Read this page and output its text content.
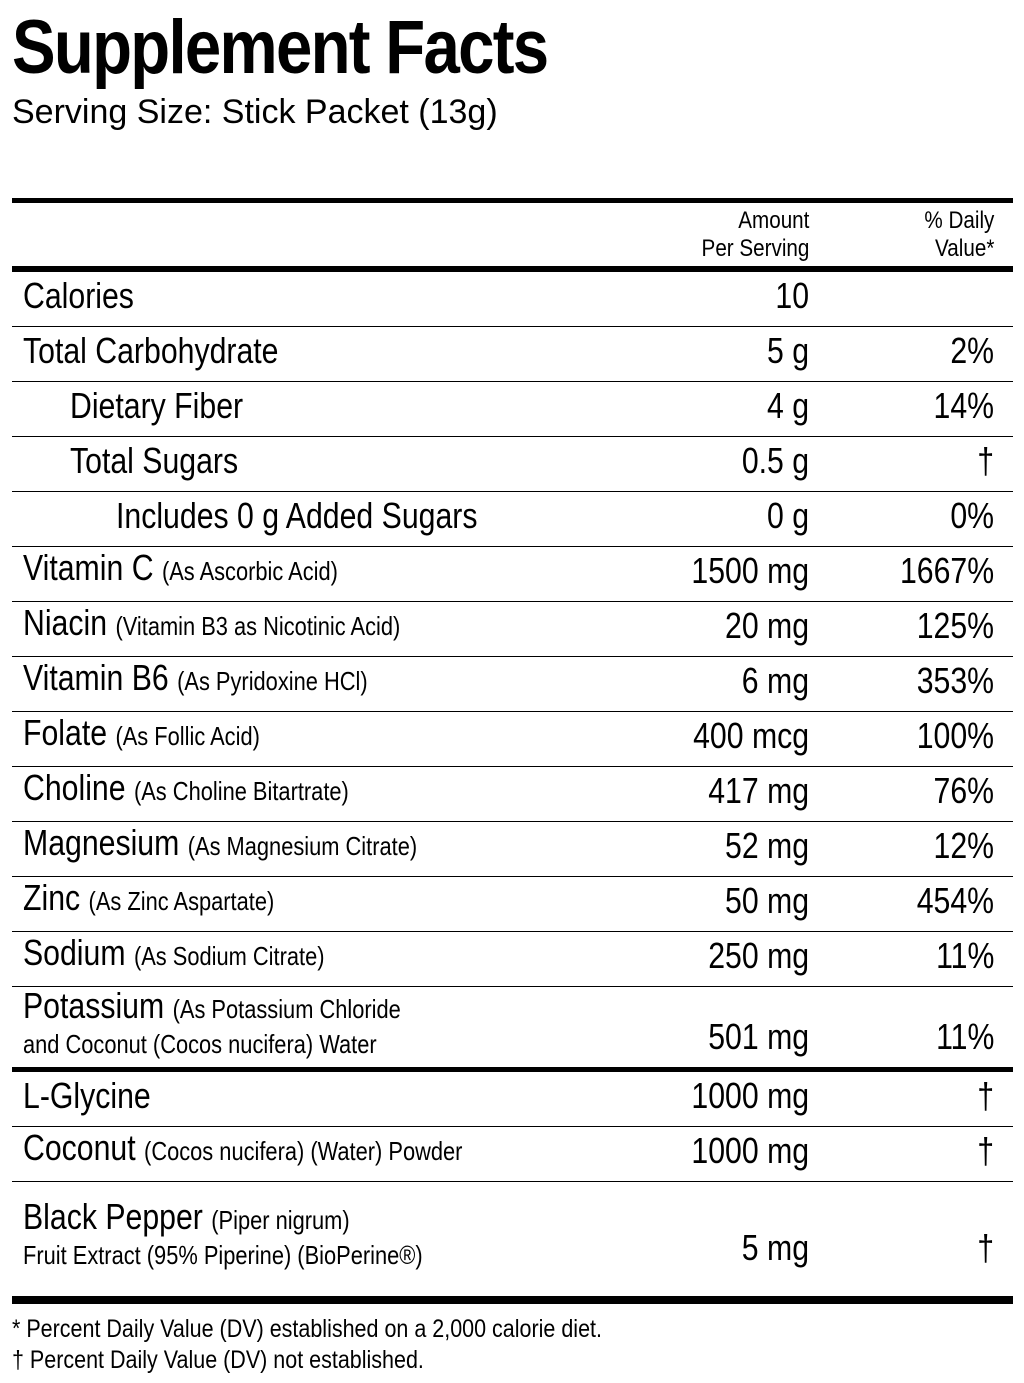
Supplement Facts
Serving Size: Stick Packet (13g)
Amount
Per Serving
% Daily
Value*
Calories	10
Total Carbohydrate	5 g	2%
Dietary Fiber	4 g	14%
Total Sugars	0.5 g	†
Includes 0 g Added Sugars	0 g	0%
Vitamin C (As Ascorbic Acid)	1500 mg	1667%
Niacin (Vitamin B3 as Nicotinic Acid)	20 mg	125%
Vitamin B6 (As Pyridoxine HCl)	6 mg	353%
Folate (As Follic Acid)	400 mcg	100%
Choline (As Choline Bitartrate)	417 mg	76%
Magnesium (As Magnesium Citrate)	52 mg	12%
Zinc (As Zinc Aspartate)	50 mg	454%
Sodium (As Sodium Citrate)	250 mg	11%
Potassium (As Potassium Chloride
and Coconut (Cocos nucifera) Water	501 mg	11%
L-Glycine	1000 mg	†
Coconut (Cocos nucifera) (Water) Powder	1000 mg	†
Black Pepper (Piper nigrum)
Fruit Extract (95% Piperine) (BioPerine®)	5 mg	†
* Percent Daily Value (DV) established on a 2,000 calorie diet.
† Percent Daily Value (DV) not established.
